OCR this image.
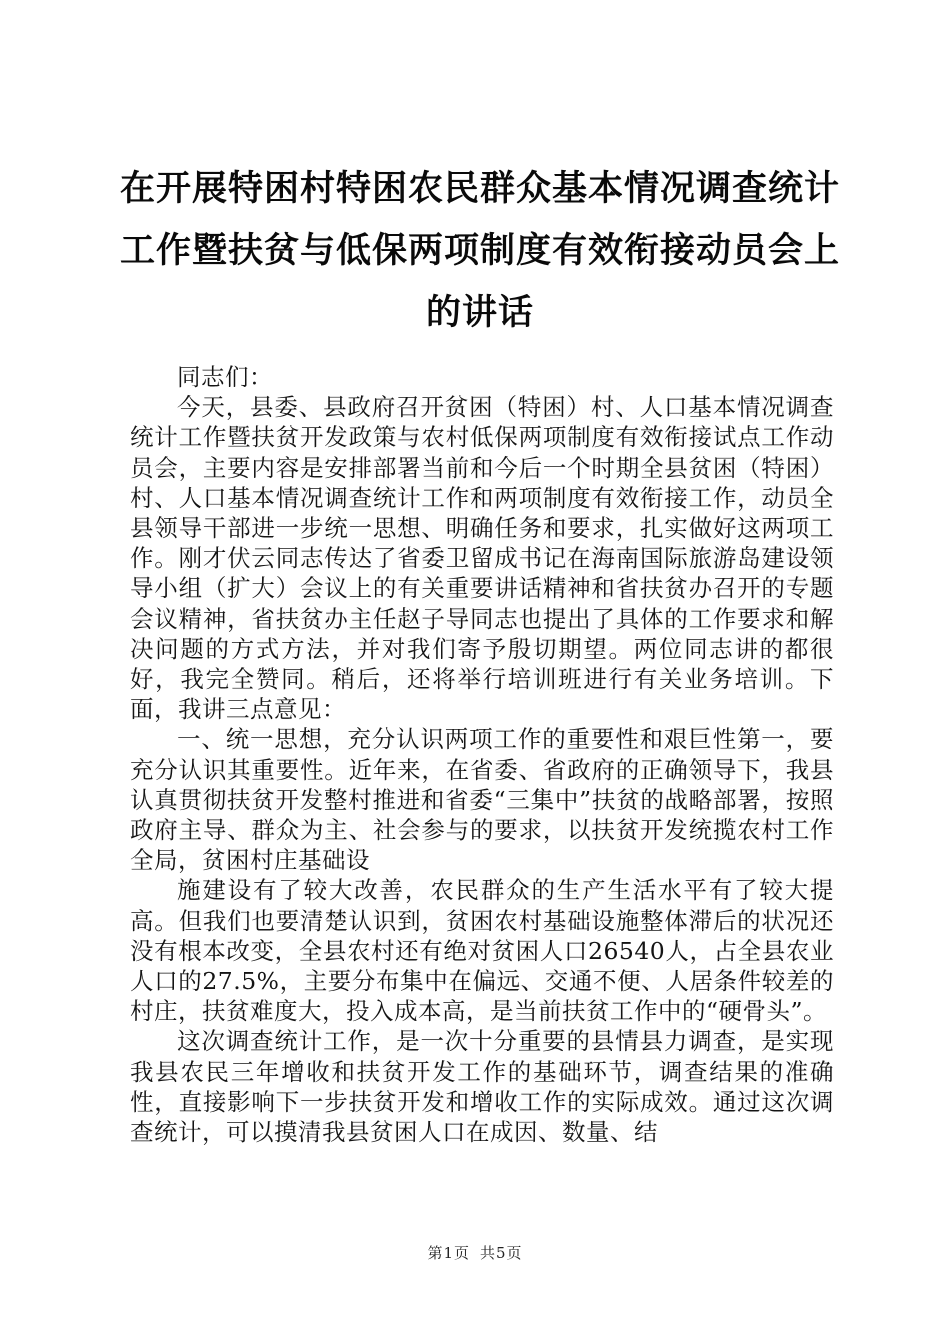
在开展特困村特困农民群众基本情况调查统计
工作暨扶贫与低保两项制度有效衔接动员会上
的讲话

同志们：

今天，县委、县政府召开贫困（特困）村、人口基本情况调查统计工作暨扶贫开发政策与农村低保两项制度有效衔接试点工作动员会，主要内容是安排部署当前和今后一个时期全县贫困（特困）村、人口基本情况调查统计工作和两项制度有效衔接工作，动员全县领导干部进一步统一思想、明确任务和要求，扎实做好这两项工作。刚才伏云同志传达了省委卫留成书记在海南国际旅游岛建设领导小组（扩大）会议上的有关重要讲话精神和省扶贫办召开的专题会议精神，省扶贫办主任赵子导同志也提出了具体的工作要求和解决问题的方式方法，并对我们寄予殷切期望。两位同志讲的都很好，我完全赞同。稍后，还将举行培训班进行有关业务培训。下面，我讲三点意见：

一、统一思想，充分认识两项工作的重要性和艰巨性第一，要充分认识其重要性。近年来，在省委、省政府的正确领导下，我县认真贯彻扶贫开发整村推进和省委“三集中”扶贫的战略部署，按照政府主导、群众为主、社会参与的要求，以扶贫开发统揽农村工作全局，贫困村庄基础设

施建设有了较大改善，农民群众的生产生活水平有了较大提高。但我们也要清楚认识到，贫困农村基础设施整体滞后的状况还没有根本改变，全县农村还有绝对贫困人口26540人，占全县农业人口的27.5%，主要分布集中在偏远、交通不便、人居条件较差的村庄，扶贫难度大，投入成本高，是当前扶贫工作中的“硬骨头”。

这次调查统计工作，是一次十分重要的县情县力调查，是实现我县农民三年增收和扶贫开发工作的基础环节，调查结果的准确性，直接影响下一步扶贫开发和增收工作的实际成效。通过这次调查统计，可以摸清我县贫困人口在成因、数量、结

第1页 共5页
